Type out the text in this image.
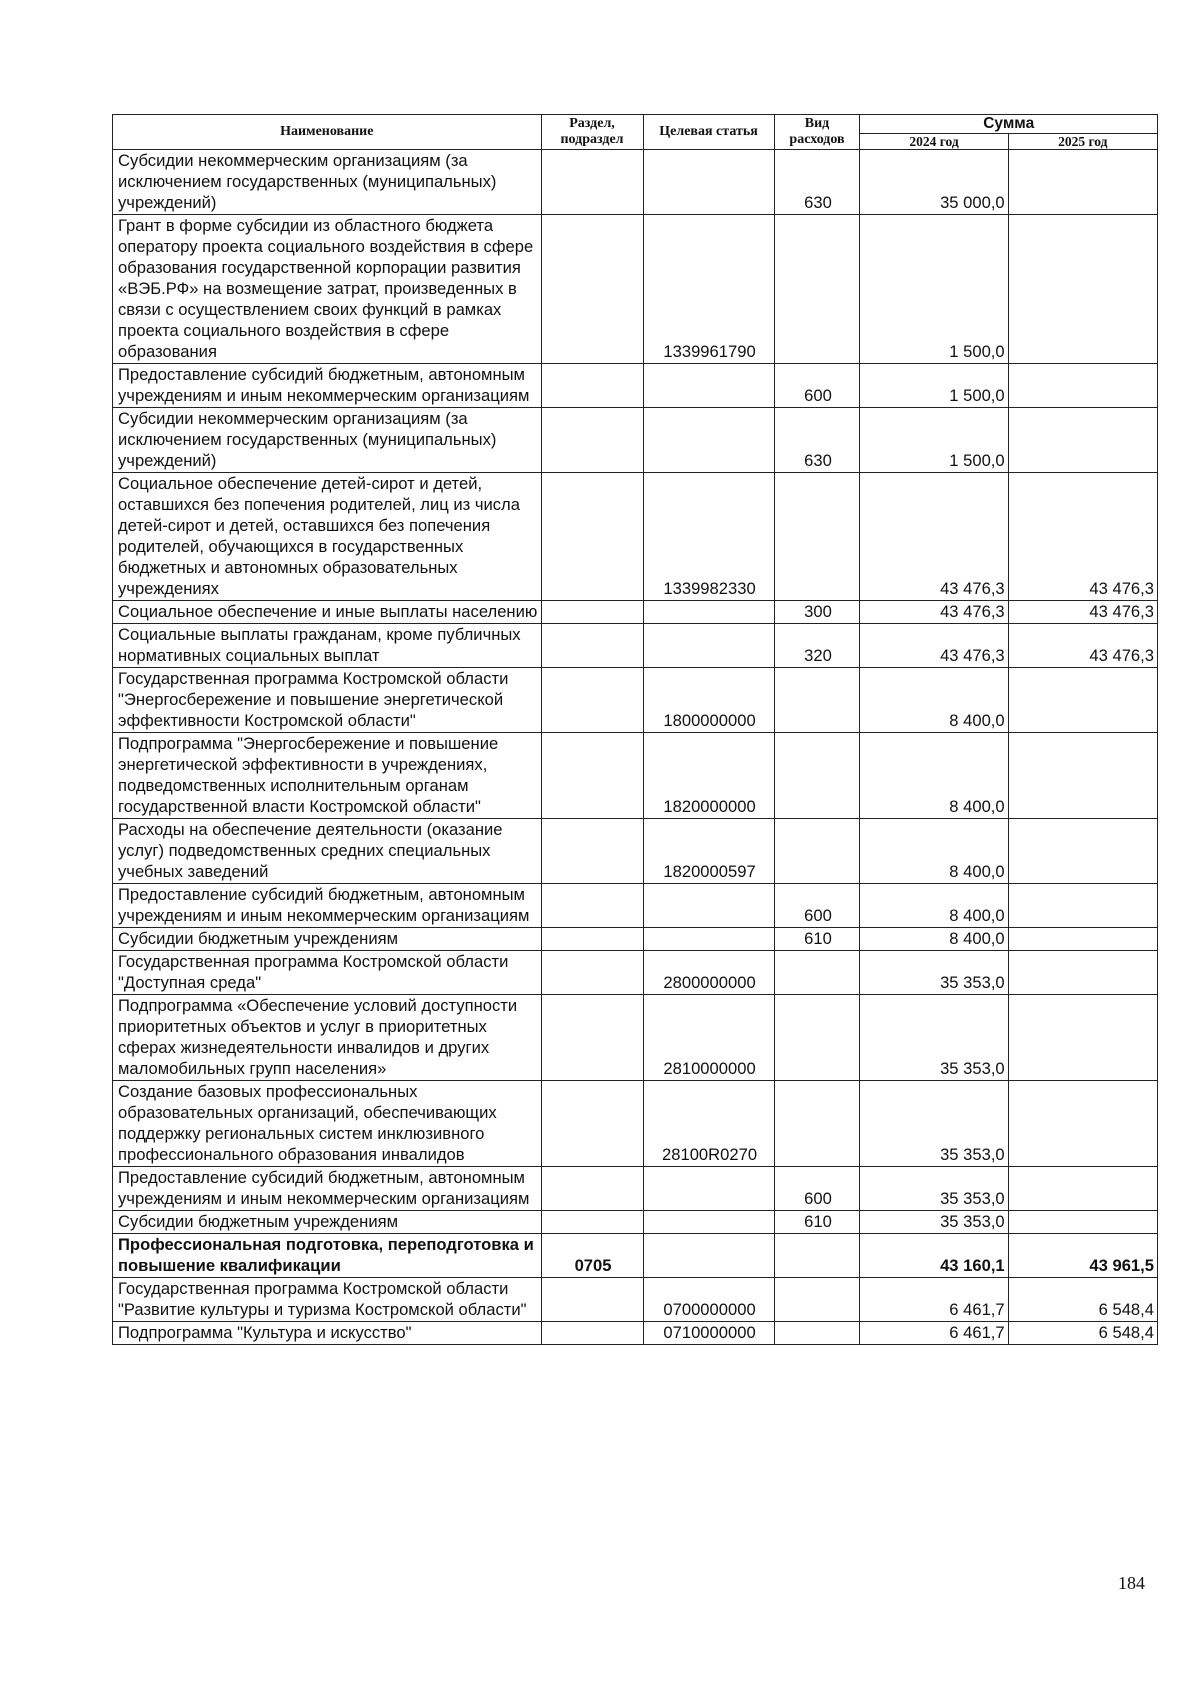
Наименование	Раздел, подраздел	Целевая статья	Вид расходов	Сумма	
				2024 год	2025 год
Субсидии некоммерческим организациям (за исключением государственных (муниципальных) учреждений)			630	35 000,0	
Грант в форме субсидии из областного бюджета оператору проекта социального воздействия в сфере образования государственной корпорации развития «ВЭБ.РФ» на возмещение затрат, произведенных в связи с осуществлением своих функций в рамках проекта социального воздействия в сфере образования		1339961790		1 500,0	
Предоставление субсидий бюджетным, автономным учреждениям и иным некоммерческим организациям			600	1 500,0	
Субсидии некоммерческим организациям (за исключением государственных (муниципальных) учреждений)			630	1 500,0	
Социальное обеспечение детей-сирот и детей, оставшихся без попечения родителей, лиц из числа детей-сирот и детей, оставшихся без попечения родителей, обучающихся в государственных бюджетных и автономных образовательных учреждениях		1339982330		43 476,3	43 476,3
Социальное обеспечение и иные выплаты населению			300	43 476,3	43 476,3
Социальные выплаты гражданам, кроме публичных нормативных социальных выплат			320	43 476,3	43 476,3
Государственная программа Костромской области "Энергосбережение и повышение энергетической эффективности Костромской области"		1800000000		8 400,0	
Подпрограмма "Энергосбережение и повышение энергетической эффективности в учреждениях, подведомственных исполнительным органам государственной власти Костромской области"		1820000000		8 400,0	
Расходы на обеспечение деятельности (оказание услуг) подведомственных средних специальных учебных заведений		1820000597		8 400,0	
Предоставление субсидий бюджетным, автономным учреждениям и иным некоммерческим организациям			600	8 400,0	
Субсидии бюджетным учреждениям			610	8 400,0	
Государственная программа Костромской области "Доступная среда"		2800000000		35 353,0	
Подпрограмма «Обеспечение условий доступности приоритетных объектов и услуг в приоритетных сферах жизнедеятельности инвалидов и других маломобильных групп населения»		2810000000		35 353,0	
Создание базовых профессиональных образовательных организаций, обеспечивающих поддержку региональных систем инклюзивного профессионального образования инвалидов		28100R0270		35 353,0	
Предоставление субсидий бюджетным, автономным учреждениям и иным некоммерческим организациям			600	35 353,0	
Субсидии бюджетным учреждениям			610	35 353,0	
Профессиональная подготовка, переподготовка и повышение квалификации	0705			43 160,1	43 961,5
Государственная программа Костромской области "Развитие культуры и туризма Костромской области"		0700000000		6 461,7	6 548,4
Подпрограмма "Культура и искусство"		0710000000		6 461,7	6 548,4
184
